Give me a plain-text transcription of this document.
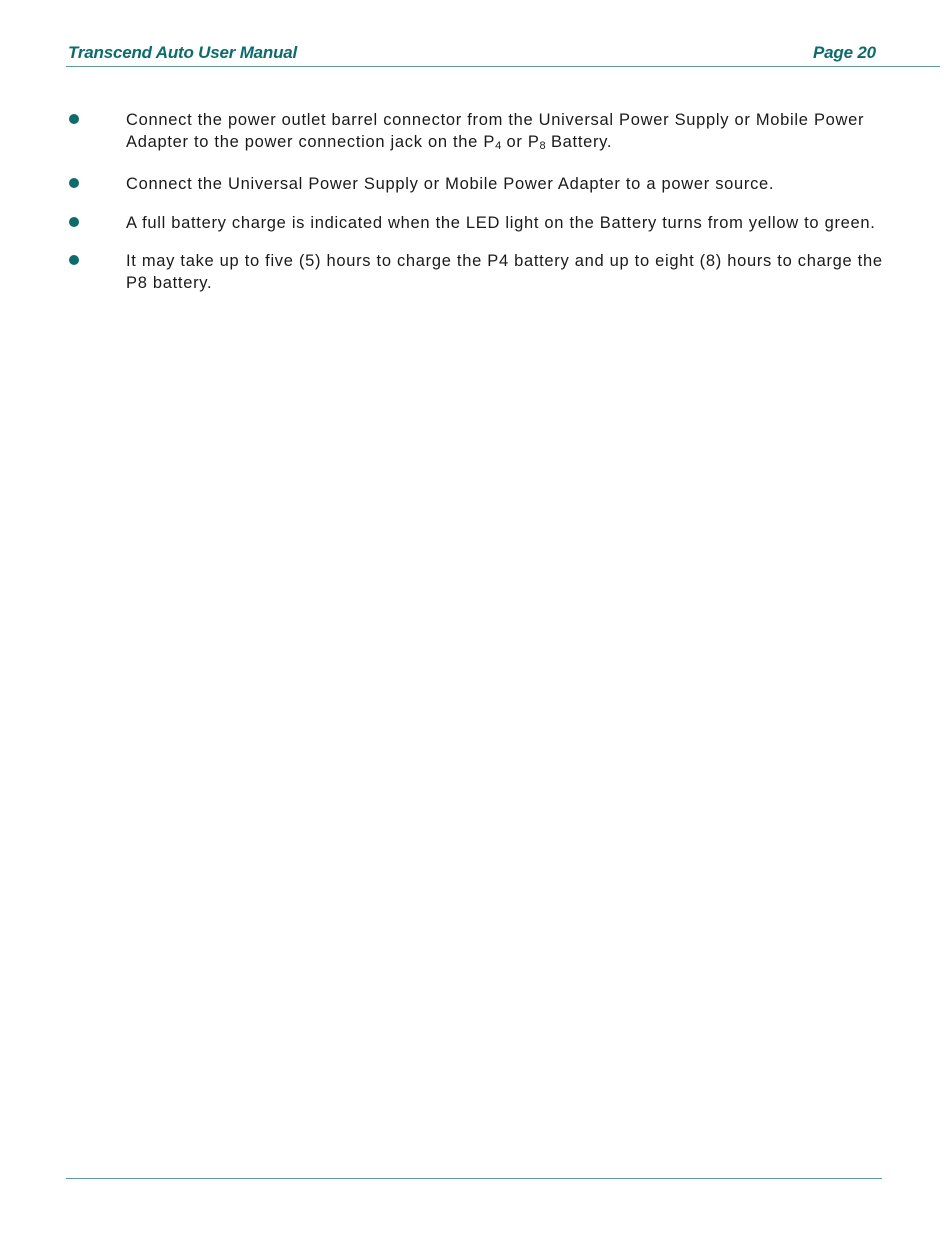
Transcend Auto User Manual	Page 20
Connect the power outlet barrel connector from the Universal Power Supply or Mobile Power Adapter to the power connection jack on the $P_4$ or $P_8$ Battery.
Connect the Universal Power Supply or Mobile Power Adapter to a power source.
A full battery charge is indicated when the LED light on the Battery turns from yellow to green.
It may take up to five (5) hours to charge the P4 battery and up to eight (8) hours to charge the P8 battery.
